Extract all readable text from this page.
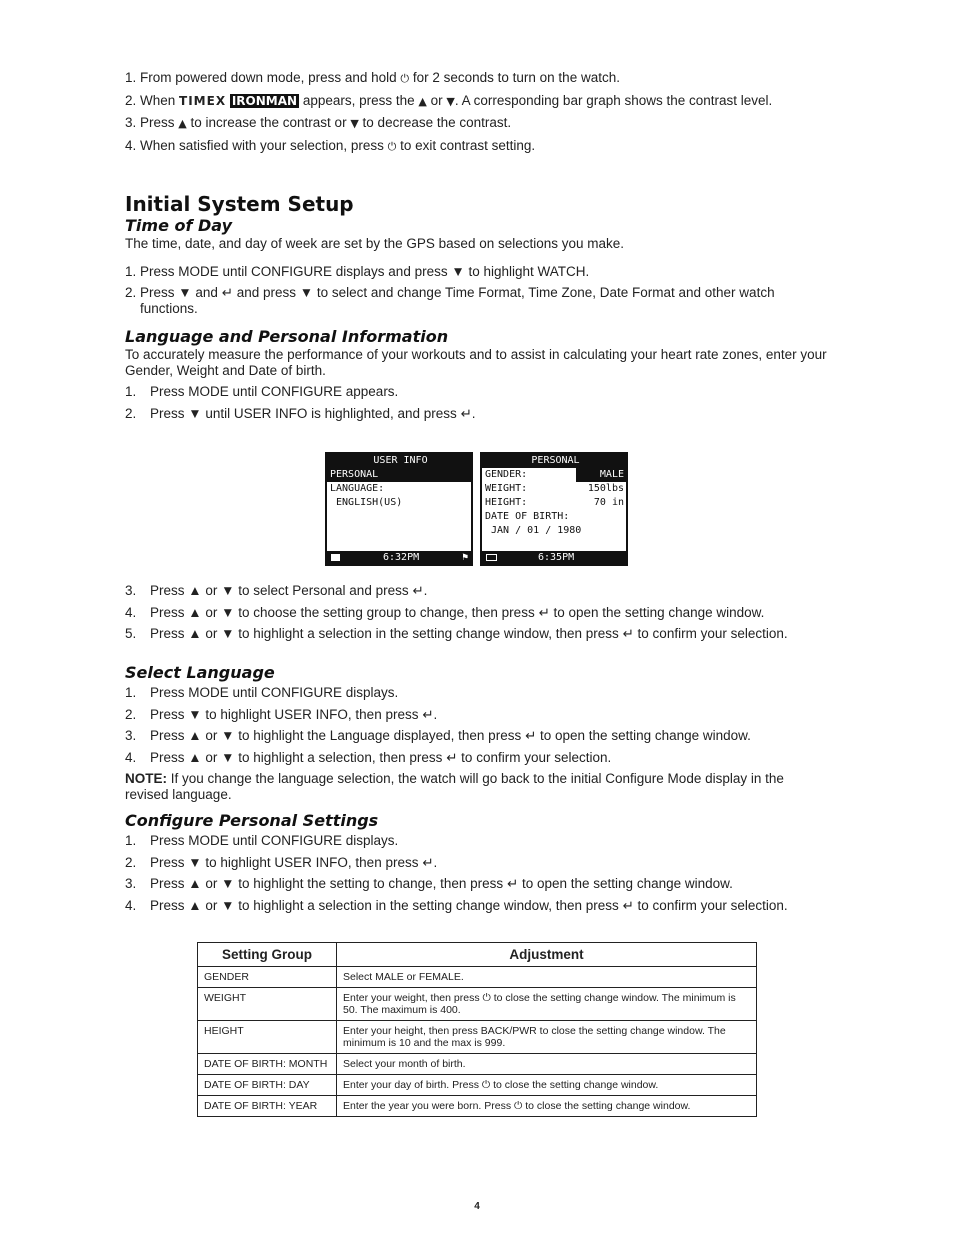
1. From powered down mode, press and hold ⏻ for 2 seconds to turn on the watch.
2. When TIMEX IRONMAN appears, press the ▲ or ▼. A corresponding bar graph shows the contrast level.
3. Press ▲ to increase the contrast or ▼ to decrease the contrast.
4. When satisfied with your selection, press ⏻ to exit contrast setting.
Initial System Setup
Time of Day

The time, date, and day of week are set by the GPS based on selections you make.

1. Press MODE until CONFIGURE displays and press ▼ to highlight WATCH.
2. Press ▼ and ↵ and press ▼ to select and change Time Format, Time Zone, Date Format and other watch functions.
Language and Personal Information

To accurately measure the performance of your workouts and to assist in calculating your heart rate zones, enter your Gender, Weight and Date of birth.

1. Press MODE until CONFIGURE appears.
2. Press ▼ until USER INFO is highlighted, and press ↵.
3. Press ▲ or ▼ to select Personal and press ↵.
4. Press ▲ or ▼ to choose the setting group to change, then press ↵ to open the setting change window.
5. Press ▲ or ▼ to highlight a selection in the setting change window, then press ↵ to confirm your selection.
Select Language
1. Press MODE until CONFIGURE displays.
2. Press ▼ to highlight USER INFO, then press ↵.
3. Press ▲ or ▼ to highlight the Language displayed, then press ↵ to open the setting change window.
4. Press ▲ or ▼ to highlight a selection, then press ↵ to confirm your selection.

NOTE: If you change the language selection, the watch will go back to the initial Configure Mode display in the revised language.

Configure Personal Settings
1. Press MODE until CONFIGURE displays.
2. Press ▼ to highlight USER INFO, then press ↵.
3. Press ▲ or ▼ to highlight the setting to change, then press ↵ to open the setting change window.
4. Press ▲ or ▼ to highlight a selection in the setting change window, then press ↵ to confirm your selection.
USER INFO
PERSONAL
LANGUAGE:
ENGLISH(US)
6:32PM	⚑
PERSONAL
GENDER:	MALE
WEIGHT:	150lbs
HEIGHT:	70 in
DATE OF BIRTH:
JAN / 01 / 1980
6:35PM
Setting Group	Adjustment
GENDER	Select MALE or FEMALE.
WEIGHT	Enter your weight, then press ⏻ to close the setting change window. The minimum is 50. The maximum is 400.
HEIGHT	Enter your height, then press BACK/PWR to close the setting change window. The minimum is 10 and the max is 999.
DATE OF BIRTH: MONTH	Select your month of birth.
DATE OF BIRTH: DAY	Enter your day of birth. Press ⏻ to close the setting change window.
DATE OF BIRTH: YEAR	Enter the year you were born. Press ⏻ to close the setting change window.
4
